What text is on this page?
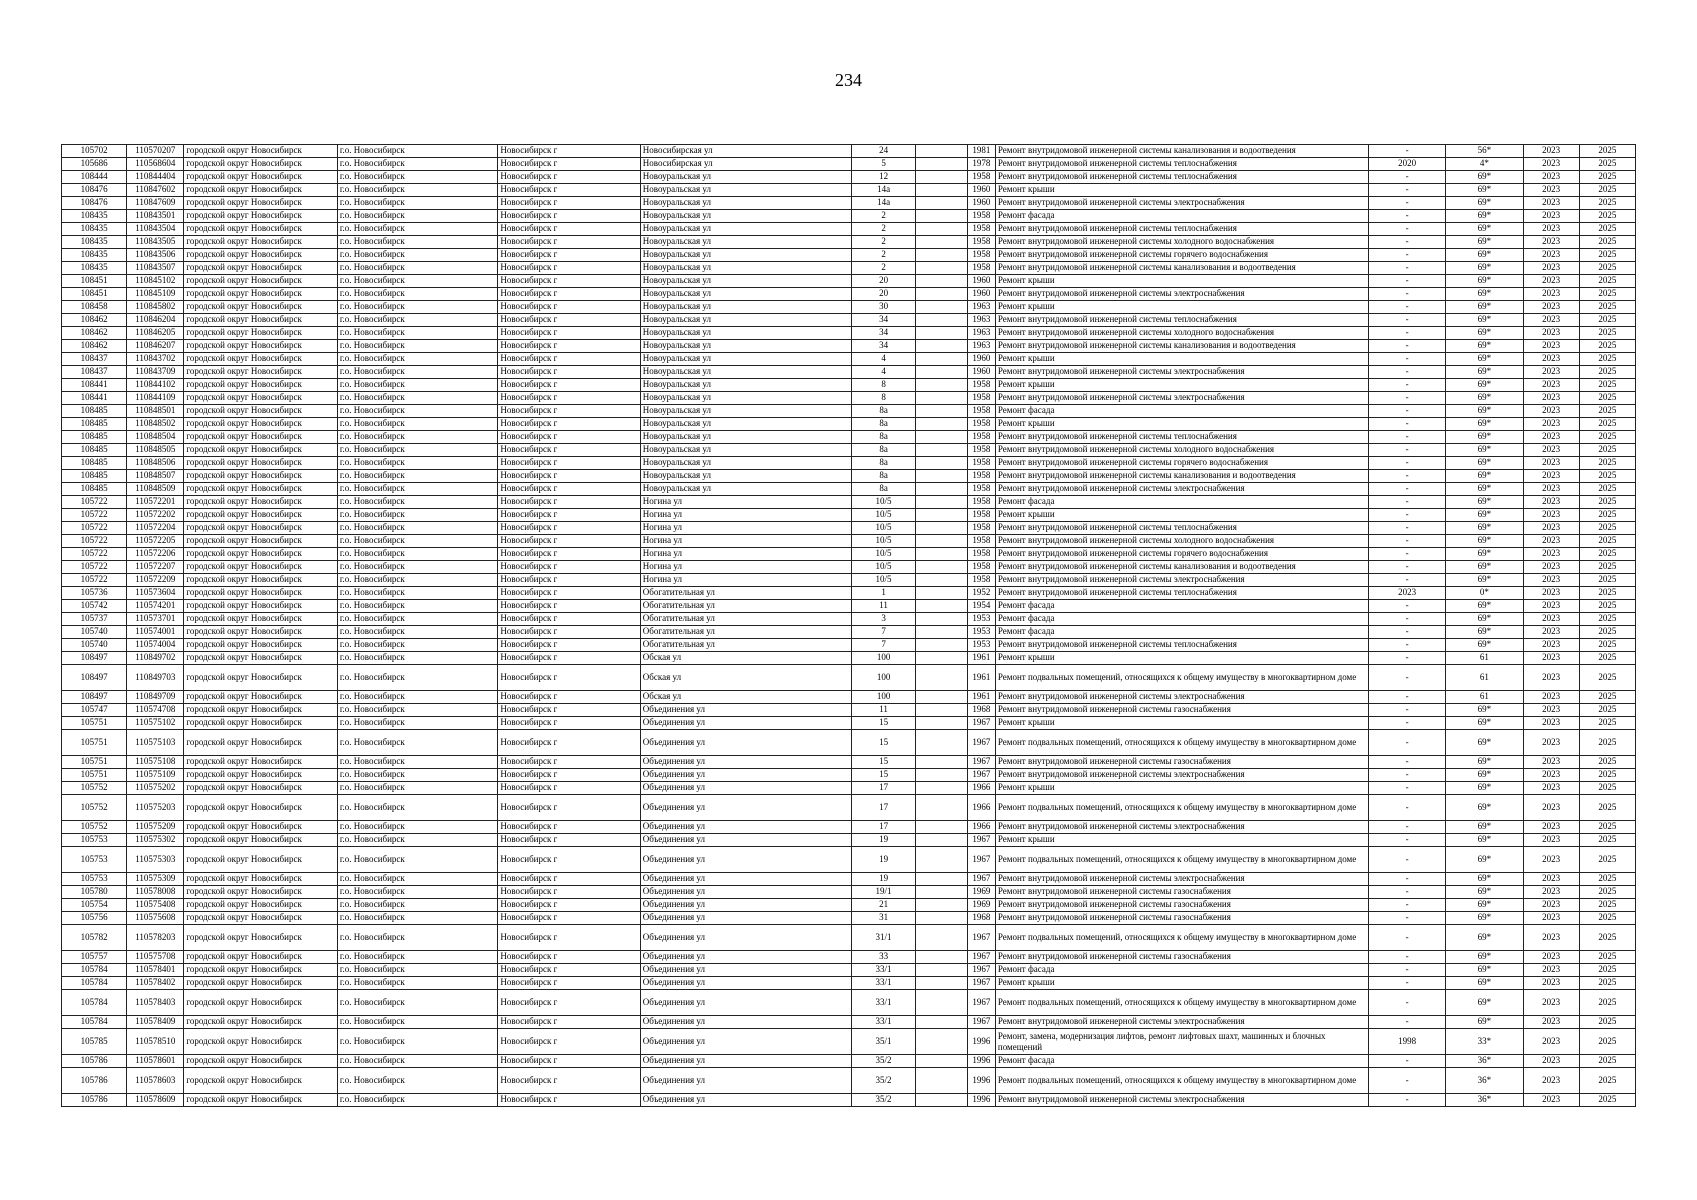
234
105702	110570207	городской округ Новосибирск	г.о. Новосибирск	Новосибирск г	Новосибирская ул	24		1981	Ремонт внутридомовой инженерной системы канализования и водоотведения	-	56*	2023	2025
105686	110568604	городской округ Новосибирск	г.о. Новосибирск	Новосибирск г	Новосибирская ул	5		1978	Ремонт внутридомовой инженерной системы теплоснабжения	2020	4*	2023	2025
108444	110844404	городской округ Новосибирск	г.о. Новосибирск	Новосибирск г	Новоуральская ул	12		1958	Ремонт внутридомовой инженерной системы теплоснабжения	-	69*	2023	2025
108476	110847602	городской округ Новосибирск	г.о. Новосибирск	Новосибирск г	Новоуральская ул	14а		1960	Ремонт крыши	-	69*	2023	2025
108476	110847609	городской округ Новосибирск	г.о. Новосибирск	Новосибирск г	Новоуральская ул	14а		1960	Ремонт внутридомовой инженерной системы электроснабжения	-	69*	2023	2025
108435	110843501	городской округ Новосибирск	г.о. Новосибирск	Новосибирск г	Новоуральская ул	2		1958	Ремонт фасада	-	69*	2023	2025
108435	110843504	городской округ Новосибирск	г.о. Новосибирск	Новосибирск г	Новоуральская ул	2		1958	Ремонт внутридомовой инженерной системы теплоснабжения	-	69*	2023	2025
108435	110843505	городской округ Новосибирск	г.о. Новосибирск	Новосибирск г	Новоуральская ул	2		1958	Ремонт внутридомовой инженерной системы холодного водоснабжения	-	69*	2023	2025
108435	110843506	городской округ Новосибирск	г.о. Новосибирск	Новосибирск г	Новоуральская ул	2		1958	Ремонт внутридомовой инженерной системы горячего водоснабжения	-	69*	2023	2025
108435	110843507	городской округ Новосибирск	г.о. Новосибирск	Новосибирск г	Новоуральская ул	2		1958	Ремонт внутридомовой инженерной системы канализования и водоотведения	-	69*	2023	2025
108451	110845102	городской округ Новосибирск	г.о. Новосибирск	Новосибирск г	Новоуральская ул	20		1960	Ремонт крыши	-	69*	2023	2025
108451	110845109	городской округ Новосибирск	г.о. Новосибирск	Новосибирск г	Новоуральская ул	20		1960	Ремонт внутридомовой инженерной системы электроснабжения	-	69*	2023	2025
108458	110845802	городской округ Новосибирск	г.о. Новосибирск	Новосибирск г	Новоуральская ул	30		1963	Ремонт крыши	-	69*	2023	2025
108462	110846204	городской округ Новосибирск	г.о. Новосибирск	Новосибирск г	Новоуральская ул	34		1963	Ремонт внутридомовой инженерной системы теплоснабжения	-	69*	2023	2025
108462	110846205	городской округ Новосибирск	г.о. Новосибирск	Новосибирск г	Новоуральская ул	34		1963	Ремонт внутридомовой инженерной системы холодного водоснабжения	-	69*	2023	2025
108462	110846207	городской округ Новосибирск	г.о. Новосибирск	Новосибирск г	Новоуральская ул	34		1963	Ремонт внутридомовой инженерной системы канализования и водоотведения	-	69*	2023	2025
108437	110843702	городской округ Новосибирск	г.о. Новосибирск	Новосибирск г	Новоуральская ул	4		1960	Ремонт крыши	-	69*	2023	2025
108437	110843709	городской округ Новосибирск	г.о. Новосибирск	Новосибирск г	Новоуральская ул	4		1960	Ремонт внутридомовой инженерной системы электроснабжения	-	69*	2023	2025
108441	110844102	городской округ Новосибирск	г.о. Новосибирск	Новосибирск г	Новоуральская ул	8		1958	Ремонт крыши	-	69*	2023	2025
108441	110844109	городской округ Новосибирск	г.о. Новосибирск	Новосибирск г	Новоуральская ул	8		1958	Ремонт внутридомовой инженерной системы электроснабжения	-	69*	2023	2025
108485	110848501	городской округ Новосибирск	г.о. Новосибирск	Новосибирск г	Новоуральская ул	8а		1958	Ремонт фасада	-	69*	2023	2025
108485	110848502	городской округ Новосибирск	г.о. Новосибирск	Новосибирск г	Новоуральская ул	8а		1958	Ремонт крыши	-	69*	2023	2025
108485	110848504	городской округ Новосибирск	г.о. Новосибирск	Новосибирск г	Новоуральская ул	8а		1958	Ремонт внутридомовой инженерной системы теплоснабжения	-	69*	2023	2025
108485	110848505	городской округ Новосибирск	г.о. Новосибирск	Новосибирск г	Новоуральская ул	8а		1958	Ремонт внутридомовой инженерной системы холодного водоснабжения	-	69*	2023	2025
108485	110848506	городской округ Новосибирск	г.о. Новосибирск	Новосибирск г	Новоуральская ул	8а		1958	Ремонт внутридомовой инженерной системы горячего водоснабжения	-	69*	2023	2025
108485	110848507	городской округ Новосибирск	г.о. Новосибирск	Новосибирск г	Новоуральская ул	8а		1958	Ремонт внутридомовой инженерной системы канализования и водоотведения	-	69*	2023	2025
108485	110848509	городской округ Новосибирск	г.о. Новосибирск	Новосибирск г	Новоуральская ул	8а		1958	Ремонт внутридомовой инженерной системы электроснабжения	-	69*	2023	2025
105722	110572201	городской округ Новосибирск	г.о. Новосибирск	Новосибирск г	Ногина ул	10/5		1958	Ремонт фасада	-	69*	2023	2025
105722	110572202	городской округ Новосибирск	г.о. Новосибирск	Новосибирск г	Ногина ул	10/5		1958	Ремонт крыши	-	69*	2023	2025
105722	110572204	городской округ Новосибирск	г.о. Новосибирск	Новосибирск г	Ногина ул	10/5		1958	Ремонт внутридомовой инженерной системы теплоснабжения	-	69*	2023	2025
105722	110572205	городской округ Новосибирск	г.о. Новосибирск	Новосибирск г	Ногина ул	10/5		1958	Ремонт внутридомовой инженерной системы холодного водоснабжения	-	69*	2023	2025
105722	110572206	городской округ Новосибирск	г.о. Новосибирск	Новосибирск г	Ногина ул	10/5		1958	Ремонт внутридомовой инженерной системы горячего водоснабжения	-	69*	2023	2025
105722	110572207	городской округ Новосибирск	г.о. Новосибирск	Новосибирск г	Ногина ул	10/5		1958	Ремонт внутридомовой инженерной системы канализования и водоотведения	-	69*	2023	2025
105722	110572209	городской округ Новосибирск	г.о. Новосибирск	Новосибирск г	Ногина ул	10/5		1958	Ремонт внутридомовой инженерной системы электроснабжения	-	69*	2023	2025
105736	110573604	городской округ Новосибирск	г.о. Новосибирск	Новосибирск г	Обогатительная ул	1		1952	Ремонт внутридомовой инженерной системы теплоснабжения	2023	0*	2023	2025
105742	110574201	городской округ Новосибирск	г.о. Новосибирск	Новосибирск г	Обогатительная ул	11		1954	Ремонт фасада	-	69*	2023	2025
105737	110573701	городской округ Новосибирск	г.о. Новосибирск	Новосибирск г	Обогатительная ул	3		1953	Ремонт фасада	-	69*	2023	2025
105740	110574001	городской округ Новосибирск	г.о. Новосибирск	Новосибирск г	Обогатительная ул	7		1953	Ремонт фасада	-	69*	2023	2025
105740	110574004	городской округ Новосибирск	г.о. Новосибирск	Новосибирск г	Обогатительная ул	7		1953	Ремонт внутридомовой инженерной системы теплоснабжения	-	69*	2023	2025
108497	110849702	городской округ Новосибирск	г.о. Новосибирск	Новосибирск г	Обская ул	100		1961	Ремонт крыши	-	61	2023	2025
108497	110849703	городской округ Новосибирск	г.о. Новосибирск	Новосибирск г	Обская ул	100		1961	Ремонт подвальных помещений, относящихся к общему имуществу в многоквартирном доме	-	61	2023	2025
108497	110849709	городской округ Новосибирск	г.о. Новосибирск	Новосибирск г	Обская ул	100		1961	Ремонт внутридомовой инженерной системы электроснабжения	-	61	2023	2025
105747	110574708	городской округ Новосибирск	г.о. Новосибирск	Новосибирск г	Объединения ул	11		1968	Ремонт внутридомовой инженерной системы газоснабжения	-	69*	2023	2025
105751	110575102	городской округ Новосибирск	г.о. Новосибирск	Новосибирск г	Объединения ул	15		1967	Ремонт крыши	-	69*	2023	2025
105751	110575103	городской округ Новосибирск	г.о. Новосибирск	Новосибирск г	Объединения ул	15		1967	Ремонт подвальных помещений, относящихся к общему имуществу в многоквартирном доме	-	69*	2023	2025
105751	110575108	городской округ Новосибирск	г.о. Новосибирск	Новосибирск г	Объединения ул	15		1967	Ремонт внутридомовой инженерной системы газоснабжения	-	69*	2023	2025
105751	110575109	городской округ Новосибирск	г.о. Новосибирск	Новосибирск г	Объединения ул	15		1967	Ремонт внутридомовой инженерной системы электроснабжения	-	69*	2023	2025
105752	110575202	городской округ Новосибирск	г.о. Новосибирск	Новосибирск г	Объединения ул	17		1966	Ремонт крыши	-	69*	2023	2025
105752	110575203	городской округ Новосибирск	г.о. Новосибирск	Новосибирск г	Объединения ул	17		1966	Ремонт подвальных помещений, относящихся к общему имуществу в многоквартирном доме	-	69*	2023	2025
105752	110575209	городской округ Новосибирск	г.о. Новосибирск	Новосибирск г	Объединения ул	17		1966	Ремонт внутридомовой инженерной системы электроснабжения	-	69*	2023	2025
105753	110575302	городской округ Новосибирск	г.о. Новосибирск	Новосибирск г	Объединения ул	19		1967	Ремонт крыши	-	69*	2023	2025
105753	110575303	городской округ Новосибирск	г.о. Новосибирск	Новосибирск г	Объединения ул	19		1967	Ремонт подвальных помещений, относящихся к общему имуществу в многоквартирном доме	-	69*	2023	2025
105753	110575309	городской округ Новосибирск	г.о. Новосибирск	Новосибирск г	Объединения ул	19		1967	Ремонт внутридомовой инженерной системы электроснабжения	-	69*	2023	2025
105780	110578008	городской округ Новосибирск	г.о. Новосибирск	Новосибирск г	Объединения ул	19/1		1969	Ремонт внутридомовой инженерной системы газоснабжения	-	69*	2023	2025
105754	110575408	городской округ Новосибирск	г.о. Новосибирск	Новосибирск г	Объединения ул	21		1969	Ремонт внутридомовой инженерной системы газоснабжения	-	69*	2023	2025
105756	110575608	городской округ Новосибирск	г.о. Новосибирск	Новосибирск г	Объединения ул	31		1968	Ремонт внутридомовой инженерной системы газоснабжения	-	69*	2023	2025
105782	110578203	городской округ Новосибирск	г.о. Новосибирск	Новосибирск г	Объединения ул	31/1		1967	Ремонт подвальных помещений, относящихся к общему имуществу в многоквартирном доме	-	69*	2023	2025
105757	110575708	городской округ Новосибирск	г.о. Новосибирск	Новосибирск г	Объединения ул	33		1967	Ремонт внутридомовой инженерной системы газоснабжения	-	69*	2023	2025
105784	110578401	городской округ Новосибирск	г.о. Новосибирск	Новосибирск г	Объединения ул	33/1		1967	Ремонт фасада	-	69*	2023	2025
105784	110578402	городской округ Новосибирск	г.о. Новосибирск	Новосибирск г	Объединения ул	33/1		1967	Ремонт крыши	-	69*	2023	2025
105784	110578403	городской округ Новосибирск	г.о. Новосибирск	Новосибирск г	Объединения ул	33/1		1967	Ремонт подвальных помещений, относящихся к общему имуществу в многоквартирном доме	-	69*	2023	2025
105784	110578409	городской округ Новосибирск	г.о. Новосибирск	Новосибирск г	Объединения ул	33/1		1967	Ремонт внутридомовой инженерной системы электроснабжения	-	69*	2023	2025
105785	110578510	городской округ Новосибирск	г.о. Новосибирск	Новосибирск г	Объединения ул	35/1		1996	Ремонт, замена, модернизация лифтов, ремонт лифтовых шахт, машинных и блочных помещений	1998	33*	2023	2025
105786	110578601	городской округ Новосибирск	г.о. Новосибирск	Новосибирск г	Объединения ул	35/2		1996	Ремонт фасада	-	36*	2023	2025
105786	110578603	городской округ Новосибирск	г.о. Новосибирск	Новосибирск г	Объединения ул	35/2		1996	Ремонт подвальных помещений, относящихся к общему имуществу в многоквартирном доме	-	36*	2023	2025
105786	110578609	городской округ Новосибирск	г.о. Новосибирск	Новосибирск г	Объединения ул	35/2		1996	Ремонт внутридомовой инженерной системы электроснабжения	-	36*	2023	2025
